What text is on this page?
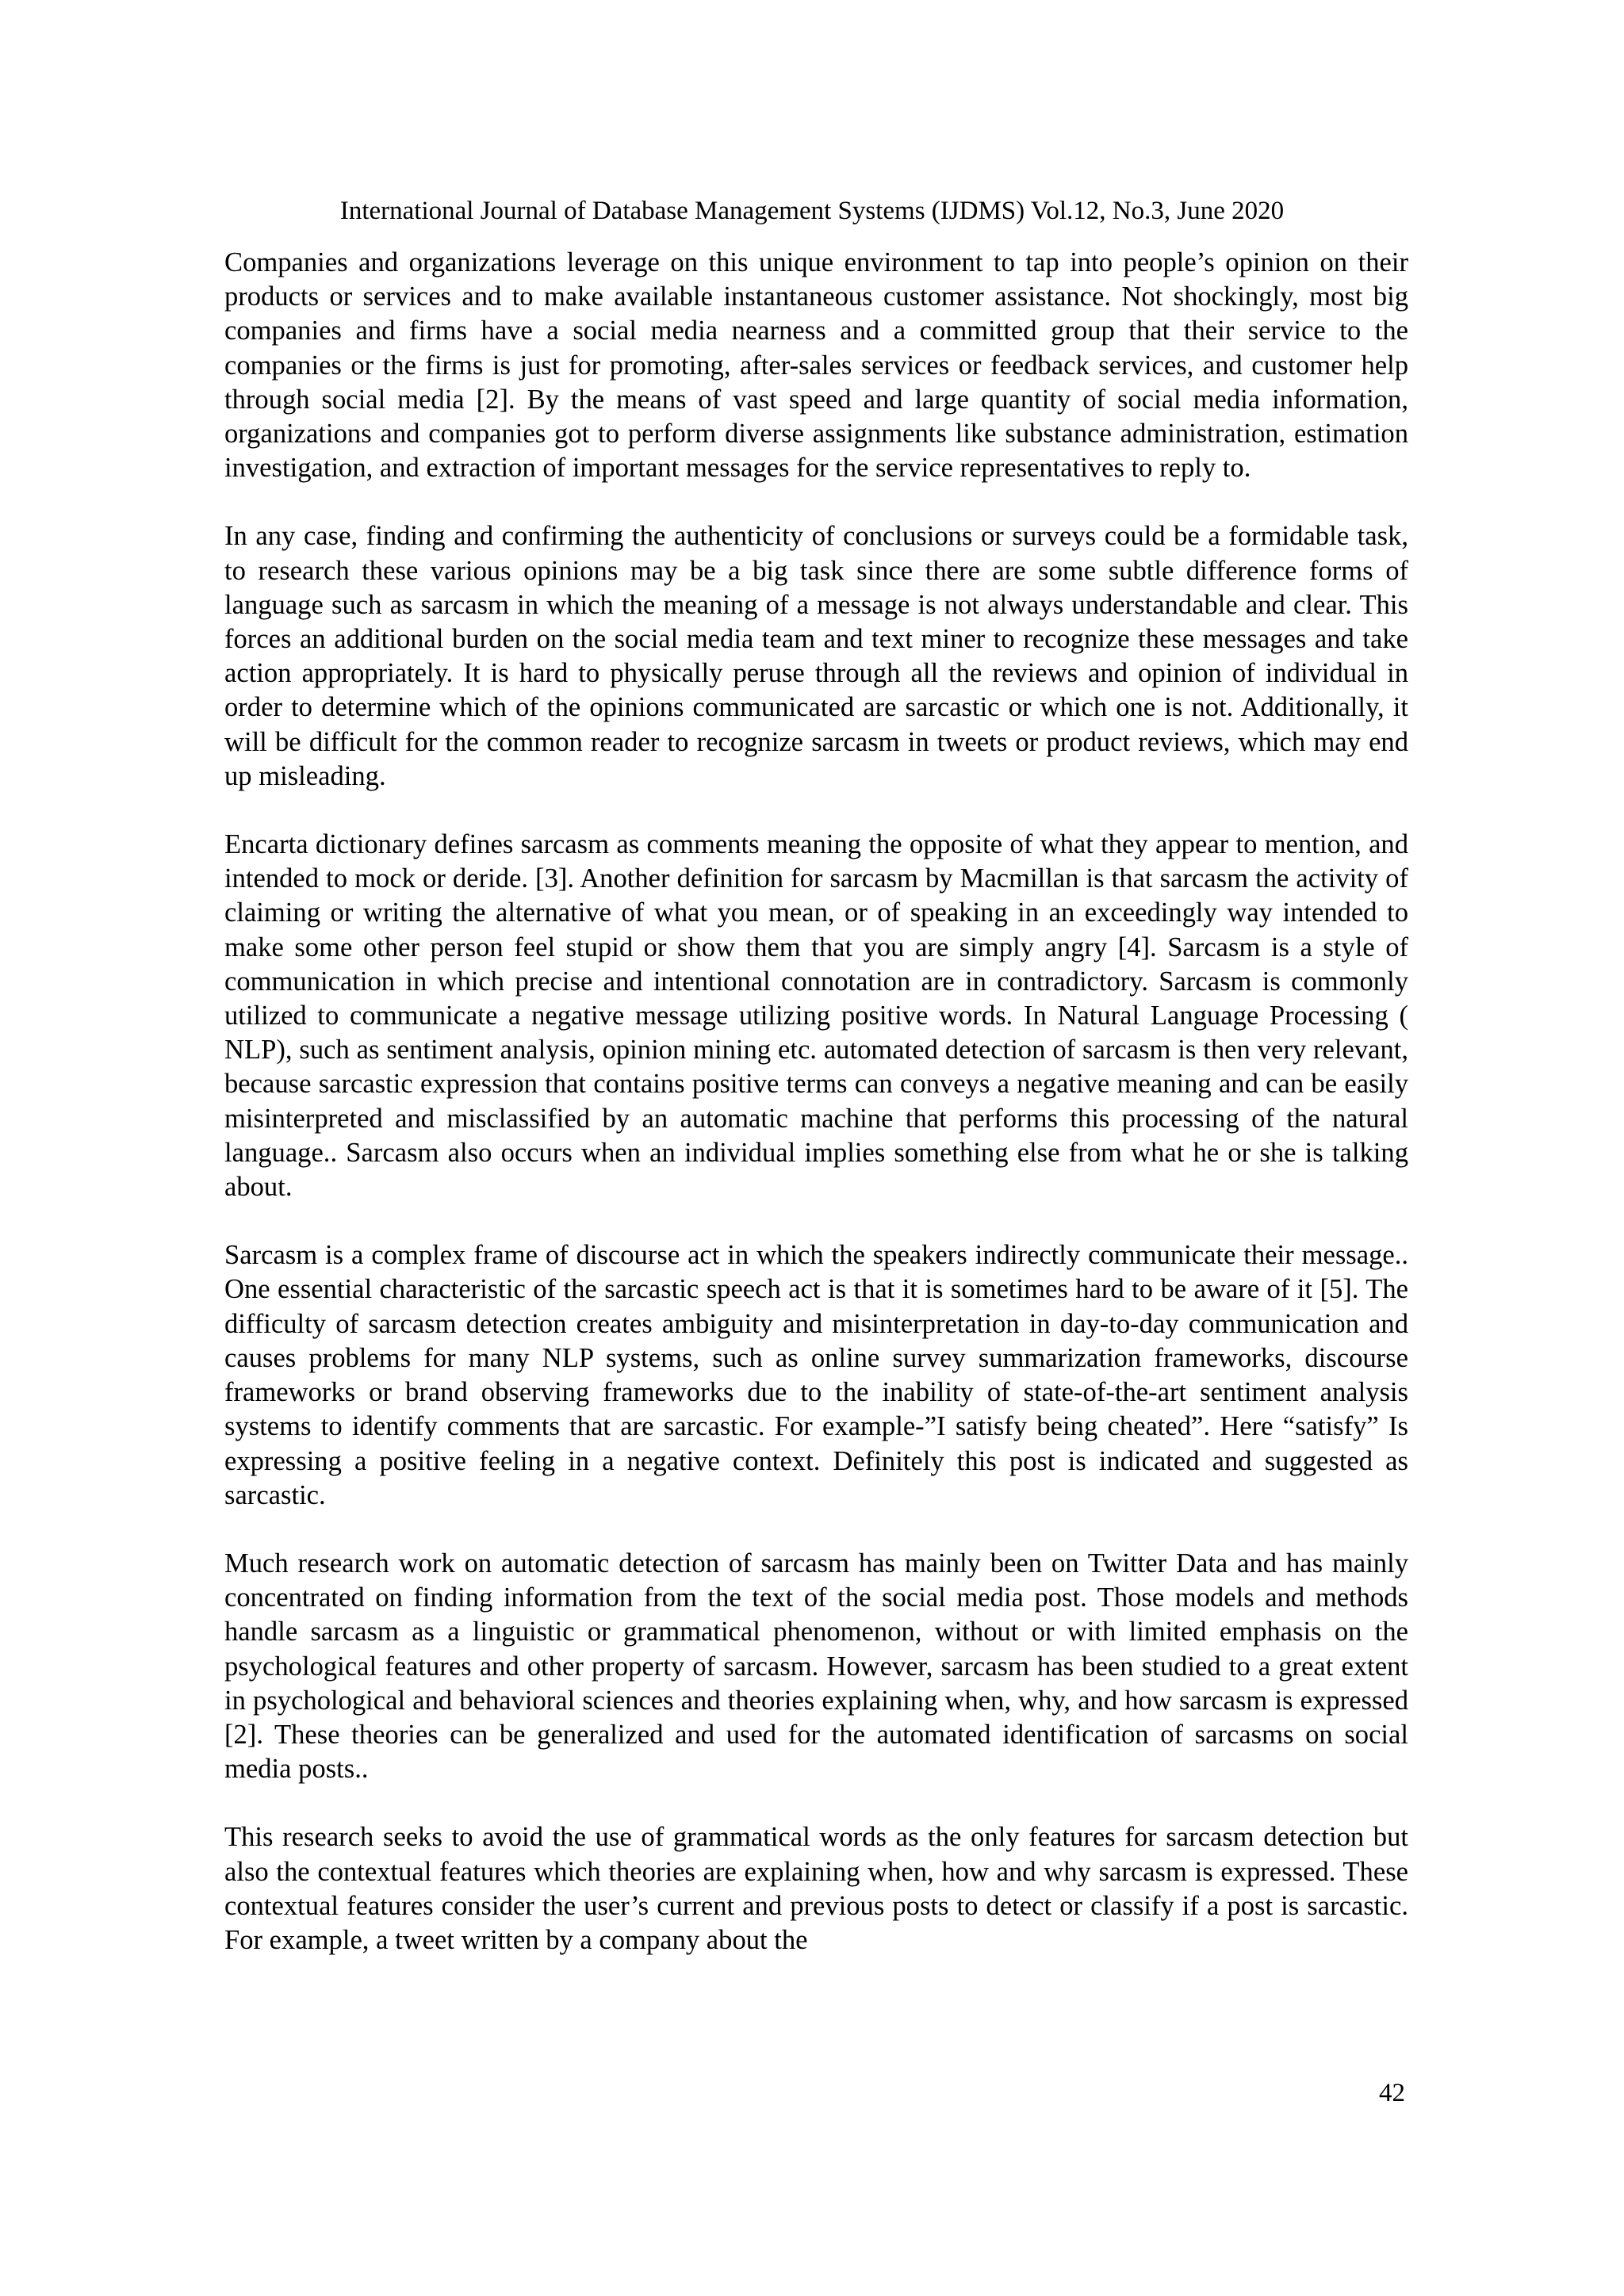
International Journal of Database Management Systems (IJDMS) Vol.12, No.3, June 2020

Companies and organizations leverage on this unique environment to tap into people’s opinion on their products or services and to make available instantaneous customer assistance. Not shockingly, most big companies and firms have a social media nearness and a committed group that their service to the companies or the firms is just for promoting, after-sales services or feedback services, and customer help through social media [2]. By the means of vast speed and large quantity of social media information, organizations and companies got to perform diverse assignments like substance administration, estimation investigation, and extraction of important messages for the service representatives to reply to.

In any case, finding and confirming the authenticity of conclusions or surveys could be a formidable task, to research these various opinions may be a big task since there are some subtle difference forms of language such as sarcasm in which the meaning of a message is not always understandable and clear. This forces an additional burden on the social media team and text miner to recognize these messages and take action appropriately. It is hard to physically peruse through all the reviews and opinion of individual in order to determine which of the opinions communicated are sarcastic or which one is not. Additionally, it will be difficult for the common reader to recognize sarcasm in tweets or product reviews, which may end up misleading.

Encarta dictionary defines sarcasm as comments meaning the opposite of what they appear to mention, and intended to mock or deride. [3]. Another definition for sarcasm by Macmillan is that sarcasm the activity of claiming or writing the alternative of what you mean, or of speaking in an exceedingly way intended to make some other person feel stupid or show them that you are simply angry [4]. Sarcasm is a style of communication in which precise and intentional connotation are in contradictory. Sarcasm is commonly utilized to communicate a negative message utilizing positive words. In Natural Language Processing ( NLP), such as sentiment analysis, opinion mining etc. automated detection of sarcasm is then very relevant, because sarcastic expression that contains positive terms can conveys a negative meaning and can be easily misinterpreted and misclassified by an automatic machine that performs this processing of the natural language.. Sarcasm also occurs when an individual implies something else from what he or she is talking about.

Sarcasm is a complex frame of discourse act in which the speakers indirectly communicate their message.. One essential characteristic of the sarcastic speech act is that it is sometimes hard to be aware of it [5]. The difficulty of sarcasm detection creates ambiguity and misinterpretation in day-to-day communication and causes problems for many NLP systems, such as online survey summarization frameworks, discourse frameworks or brand observing frameworks due to the inability of state-of-the-art sentiment analysis systems to identify comments that are sarcastic. For example-”I satisfy being cheated”. Here “satisfy” Is expressing a positive feeling in a negative context. Definitely this post is indicated and suggested as sarcastic.

Much research work on automatic detection of sarcasm has mainly been on Twitter Data and has mainly concentrated on finding information from the text of the social media post. Those models and methods handle sarcasm as a linguistic or grammatical phenomenon, without or with limited emphasis on the psychological features and other property of sarcasm. However, sarcasm has been studied to a great extent in psychological and behavioral sciences and theories explaining when, why, and how sarcasm is expressed [2]. These theories can be generalized and used for the automated identification of sarcasms on social media posts..

This research seeks to avoid the use of grammatical words as the only features for sarcasm detection but also the contextual features which theories are explaining when, how and why sarcasm is expressed. These contextual features consider the user’s current and previous posts to detect or classify if a post is sarcastic. For example, a tweet written by a company about the

42
